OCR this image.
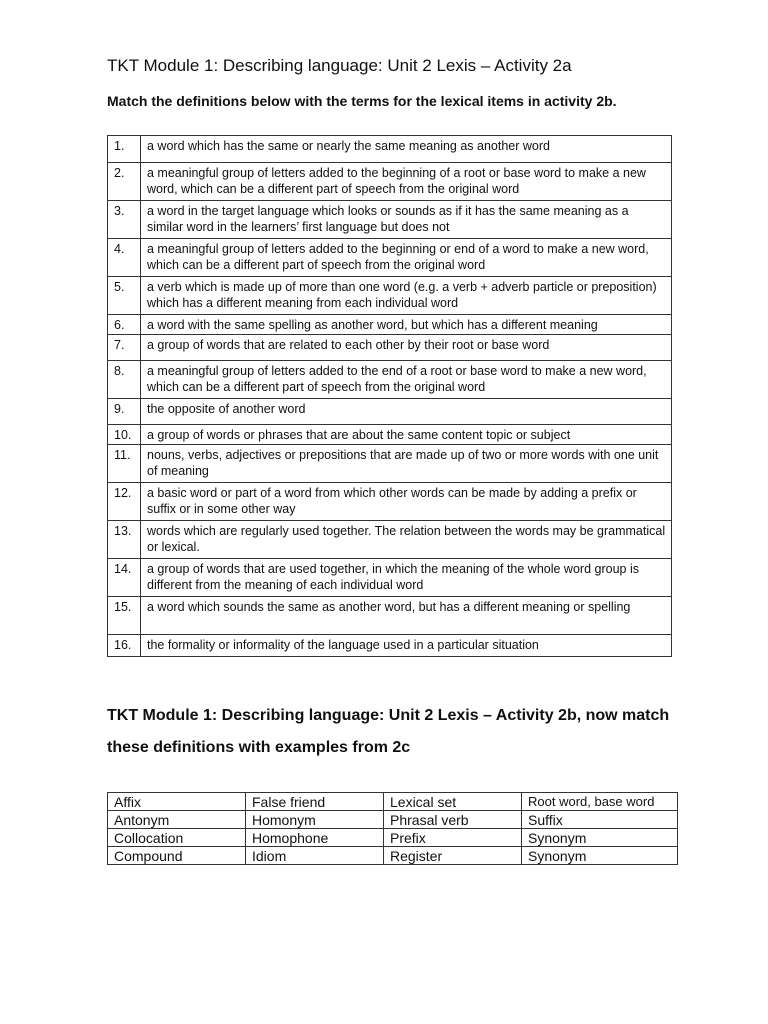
TKT Module 1: Describing language: Unit 2 Lexis – Activity 2a

Match the definitions below with the terms for the lexical items in activity 2b.

1.	a word which has the same or nearly the same meaning as another word
2.	a meaningful group of letters added to the beginning of a root or base word to make a new word, which can be a different part of speech from the original word
3.	a word in the target language which looks or sounds as if it has the same meaning as a similar word in the learners’ first language but does not
4.	a meaningful group of letters added to the beginning or end of a word to make a new word, which can be a different part of speech from the original word
5.	a verb which is made up of more than one word (e.g. a verb + adverb particle or preposition) which has a different meaning from each individual word
6.	a word with the same spelling as another word, but which has a different meaning
7.	a group of words that are related to each other by their root or base word
8.	a meaningful group of letters added to the end of a root or base word to make a new word, which can be a different part of speech from the original word
9.	the opposite of another word
10.	a group of words or phrases that are about the same content topic or subject
11.	nouns, verbs, adjectives or prepositions that are made up of two or more words with one unit of meaning
12.	a basic word or part of a word from which other words can be made by adding a prefix or suffix or in some other way
13.	words which are regularly used together. The relation between the words may be grammatical or lexical.
14.	a group of words that are used together, in which the meaning of the whole word group is different from the meaning of each individual word
15.	a word which sounds the same as another word, but has a different meaning or spelling
16.	the formality or informality of the language used in a particular situation
TKT Module 1: Describing language: Unit 2 Lexis – Activity 2b, now match these definitions with examples from 2c
Affix	False friend	Lexical set	Root word, base word
Antonym	Homonym	Phrasal verb	Suffix
Collocation	Homophone	Prefix	Synonym
Compound	Idiom	Register	Synonym
